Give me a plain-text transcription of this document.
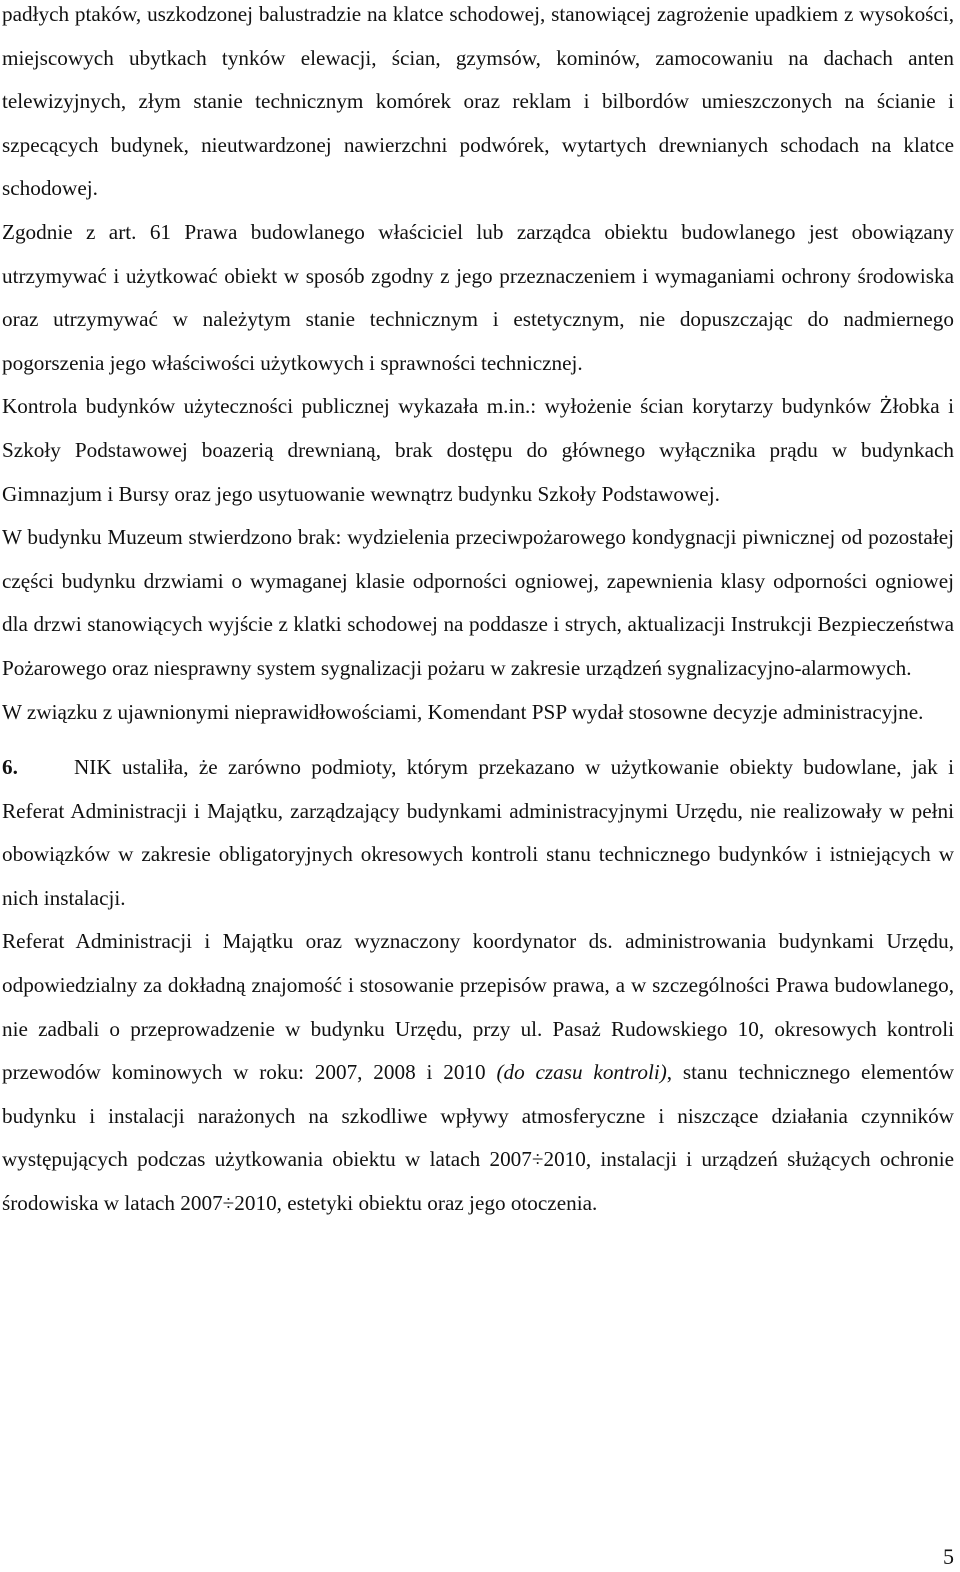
padłych ptaków, uszkodzonej balustradzie na klatce schodowej, stanowiącej zagrożenie upadkiem z wysokości, miejscowych ubytkach tynków elewacji, ścian, gzymsów, kominów, zamocowaniu na dachach anten telewizyjnych, złym stanie technicznym komórek oraz reklam i bilbordów umieszczonych na ścianie i szpecących budynek, nieutwardzonej nawierzchni podwórek, wytartych drewnianych schodach na klatce schodowej.

Zgodnie z art. 61 Prawa budowlanego właściciel lub zarządca obiektu budowlanego jest obowiązany utrzymywać i użytkować obiekt w sposób zgodny z jego przeznaczeniem i wymaganiami ochrony środowiska oraz utrzymywać w należytym stanie technicznym i estetycznym, nie dopuszczając do nadmiernego pogorszenia jego właściwości użytkowych i sprawności technicznej.

Kontrola budynków użyteczności publicznej wykazała m.in.: wyłożenie ścian korytarzy budynków Żłobka i Szkoły Podstawowej boazerią drewnianą, brak dostępu do głównego wyłącznika prądu w budynkach Gimnazjum i Bursy oraz jego usytuowanie wewnątrz budynku Szkoły Podstawowej.

W budynku Muzeum stwierdzono brak: wydzielenia przeciwpożarowego kondygnacji piwnicznej od pozostałej części budynku drzwiami o wymaganej klasie odporności ogniowej, zapewnienia klasy odporności ogniowej dla drzwi stanowiących wyjście z klatki schodowej na poddasze i strych, aktualizacji Instrukcji Bezpieczeństwa Pożarowego oraz niesprawny system sygnalizacji pożaru w zakresie urządzeń sygnalizacyjno-alarmowych.

W związku z ujawnionymi nieprawidłowościami, Komendant PSP wydał stosowne decyzje administracyjne.

6.	NIK ustaliła, że zarówno podmioty, którym przekazano w użytkowanie obiekty budowlane, jak i Referat Administracji i Majątku, zarządzający budynkami administracyjnymi Urzędu, nie realizowały w pełni obowiązków w zakresie obligatoryjnych okresowych kontroli stanu technicznego budynków i istniejących w nich instalacji.

Referat Administracji i Majątku oraz wyznaczony koordynator ds. administrowania budynkami Urzędu, odpowiedzialny za dokładną znajomość i stosowanie przepisów prawa, a w szczególności Prawa budowlanego, nie zadbali o przeprowadzenie w budynku Urzędu, przy ul. Pasaż Rudowskiego 10, okresowych kontroli przewodów kominowych w roku: 2007, 2008 i 2010 (do czasu kontroli), stanu technicznego elementów budynku i instalacji narażonych na szkodliwe wpływy atmosferyczne i niszczące działania czynników występujących podczas użytkowania obiektu w latach 2007÷2010, instalacji i urządzeń służących ochronie środowiska w latach 2007÷2010, estetyki obiektu oraz jego otoczenia.

5
